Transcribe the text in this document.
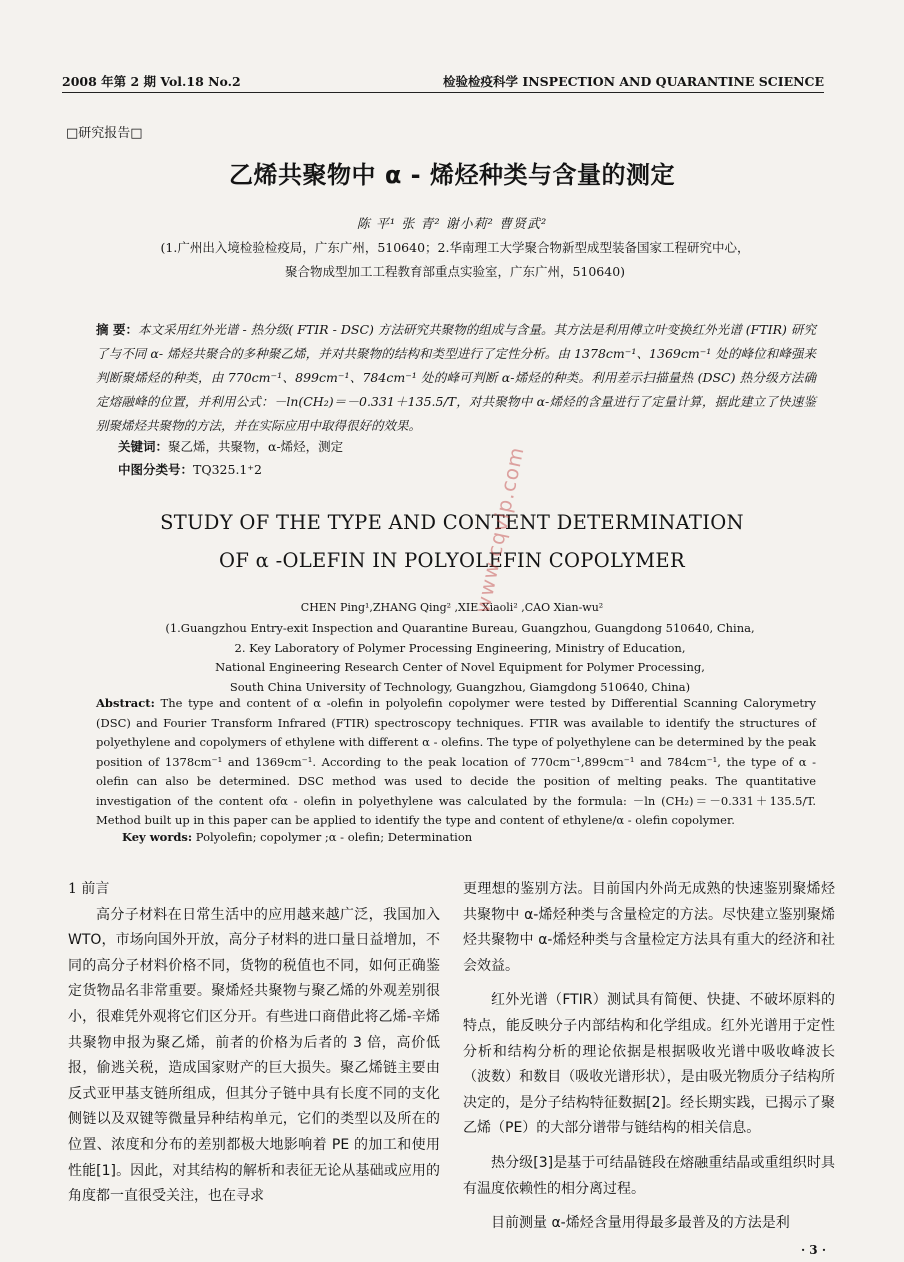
2008 年第 2 期 Vol.18 No.2	检验检疫科学 INSPECTION AND QUARANTINE SCIENCE
□研究报告□
乙烯共聚物中 α - 烯烃种类与含量的测定
陈 平¹ 张 青² 谢小莉² 曹贤武²
(1.广州出入境检验检疫局，广东广州，510640；2.华南理工大学聚合物新型成型装备国家工程研究中心，
聚合物成型加工工程教育部重点实验室，广东广州，510640)
摘 要：本文采用红外光谱 - 热分级( FTIR - DSC) 方法研究共聚物的组成与含量。其方法是利用傅立叶变换红外光谱 (FTIR) 研究了与不同 α- 烯烃共聚合的多种聚乙烯，并对共聚物的结构和类型进行了定性分析。由 1378cm⁻¹、1369cm⁻¹ 处的峰位和峰强来判断聚烯烃的种类，由 770cm⁻¹、899cm⁻¹、784cm⁻¹ 处的峰可判断 α-烯烃的种类。利用差示扫描量热 (DSC) 热分级方法确定熔融峰的位置，并利用公式：－ln(CH₂)＝－0.331＋135.5/T，对共聚物中 α-烯烃的含量进行了定量计算，据此建立了快速鉴别聚烯烃共聚物的方法，并在实际应用中取得很好的效果。
关键词：聚乙烯，共聚物，α-烯烃，测定
中图分类号：TQ325.1⁺2
STUDY OF THE TYPE AND CONTENT DETERMINATION
OF α -OLEFIN IN POLYOLEFIN COPOLYMER
CHEN Ping¹,ZHANG Qing² ,XIE Xiaoli² ,CAO Xian-wu²
(1.Guangzhou Entry-exit Inspection and Quarantine Bureau, Guangzhou, Guangdong 510640, China,
2. Key Laboratory of Polymer Processing Engineering, Ministry of Education,
National Engineering Research Center of Novel Equipment for Polymer Processing,
South China University of Technology, Guangzhou, Giamgdong 510640, China)
Abstract: The type and content of α -olefin in polyolefin copolymer were tested by Differential Scanning Calorymetry (DSC) and Fourier Transform Infrared (FTIR) spectroscopy techniques. FTIR was available to identify the structures of polyethylene and copolymers of ethylene with different α - olefins. The type of polyethylene can be determined by the peak position of 1378cm⁻¹ and 1369cm⁻¹. According to the peak location of 770cm⁻¹,899cm⁻¹ and 784cm⁻¹, the type of α - olefin can also be determined. DSC method was used to decide the position of melting peaks. The quantitative investigation of the content ofα - olefin in polyethylene was calculated by the formula: －ln (CH₂)＝－0.331＋135.5/T. Method built up in this paper can be applied to identify the type and content of ethylene/α - olefin copolymer.
Key words: Polyolefin; copolymer ;α - olefin; Determination
1 前言

高分子材料在日常生活中的应用越来越广泛，我国加入 WTO，市场向国外开放，高分子材料的进口量日益增加，不同的高分子材料价格不同，货物的税值也不同，如何正确鉴定货物品名非常重要。聚烯烃共聚物与聚乙烯的外观差别很小，很难凭外观将它们区分开。有些进口商借此将乙烯-辛烯共聚物申报为聚乙烯，前者的价格为后者的 3 倍，高价低报，偷逃关税，造成国家财产的巨大损失。聚乙烯链主要由反式亚甲基支链所组成，但其分子链中具有长度不同的支化侧链以及双键等微量异种结构单元，它们的类型以及所在的位置、浓度和分布的差别都极大地影响着 PE 的加工和使用性能[1]。因此，对其结构的解析和表征无论从基础或应用的角度都一直很受关注，也在寻求

更理想的鉴别方法。目前国内外尚无成熟的快速鉴别聚烯烃共聚物中 α-烯烃种类与含量检定的方法。尽快建立鉴别聚烯烃共聚物中 α-烯烃种类与含量检定方法具有重大的经济和社会效益。

红外光谱（FTIR）测试具有简便、快捷、不破坏原料的特点，能反映分子内部结构和化学组成。红外光谱用于定性分析和结构分析的理论依据是根据吸收光谱中吸收峰波长（波数）和数目（吸收光谱形状），是由吸光物质分子结构所决定的，是分子结构特征数据[2]。经长期实践，已揭示了聚乙烯（PE）的大部分谱带与链结构的相关信息。

热分级[3]是基于可结晶链段在熔融重结晶或重组织时具有温度依赖性的相分离过程。

目前测量 α-烯烃含量用得最多最普及的方法是利

www.cqvip.com
· 3 ·
